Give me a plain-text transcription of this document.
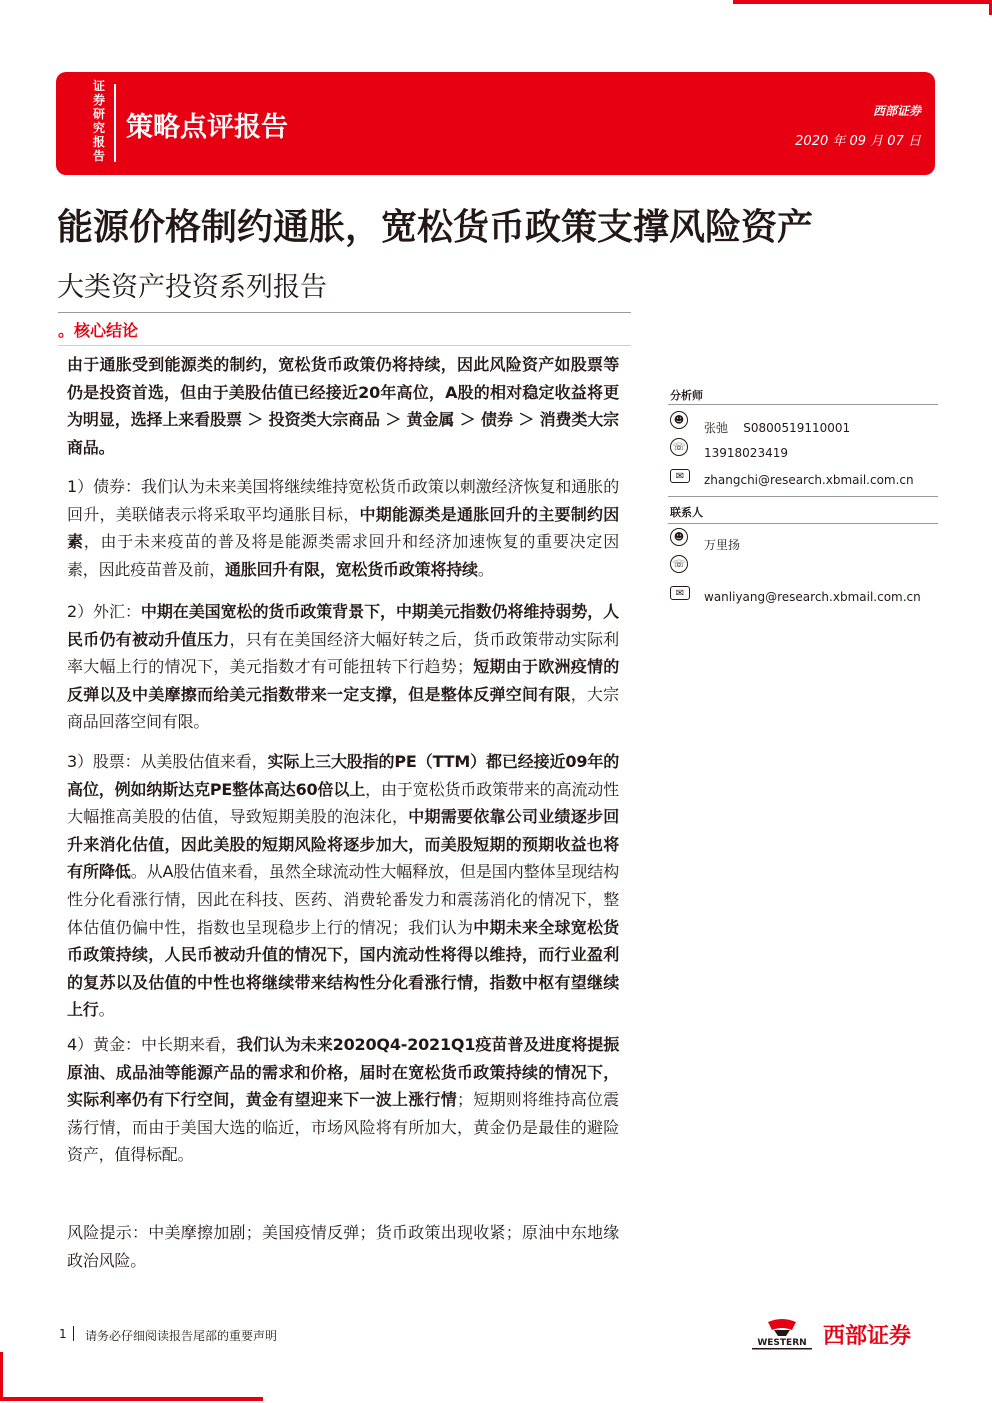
证券研究报告
策略点评报告
西部证券
2020 年 09 月 07 日
能源价格制约通胀，宽松货币政策支撑风险资产
大类资产投资系列报告
。核心结论

由于通胀受到能源类的制约，宽松货币政策仍将持续，因此风险资产如股票等仍是投资首选，但由于美股估值已经接近20年高位，A股的相对稳定收益将更为明显，选择上来看股票 ＞ 投资类大宗商品 ＞ 黄金属 ＞ 债券 ＞ 消费类大宗商品。

1）债券：我们认为未来美国将继续维持宽松货币政策以刺激经济恢复和通胀的回升，美联储表示将采取平均通胀目标，中期能源类是通胀回升的主要制约因素，由于未来疫苗的普及将是能源类需求回升和经济加速恢复的重要决定因素，因此疫苗普及前，通胀回升有限，宽松货币政策将持续。

2）外汇：中期在美国宽松的货币政策背景下，中期美元指数仍将维持弱势，人民币仍有被动升值压力，只有在美国经济大幅好转之后，货币政策带动实际利率大幅上行的情况下，美元指数才有可能扭转下行趋势；短期由于欧洲疫情的反弹以及中美摩擦而给美元指数带来一定支撑，但是整体反弹空间有限，大宗商品回落空间有限。

3）股票：从美股估值来看，实际上三大股指的PE（TTM）都已经接近09年的高位，例如纳斯达克PE整体高达60倍以上，由于宽松货币政策带来的高流动性大幅推高美股的估值，导致短期美股的泡沫化，中期需要依靠公司业绩逐步回升来消化估值，因此美股的短期风险将逐步加大，而美股短期的预期收益也将有所降低。从A股估值来看，虽然全球流动性大幅释放，但是国内整体呈现结构性分化看涨行情，因此在科技、医药、消费轮番发力和震荡消化的情况下，整体估值仍偏中性，指数也呈现稳步上行的情况；我们认为中期未来全球宽松货币政策持续，人民币被动升值的情况下，国内流动性将得以维持，而行业盈利的复苏以及估值的中性也将继续带来结构性分化看涨行情，指数中枢有望继续上行。

4）黄金：中长期来看，我们认为未来2020Q4-2021Q1疫苗普及进度将提振原油、成品油等能源产品的需求和价格，届时在宽松货币政策持续的情况下，实际利率仍有下行空间，黄金有望迎来下一波上涨行情；短期则将维持高位震荡行情，而由于美国大选的临近，市场风险将有所加大，黄金仍是最佳的避险资产，值得标配。

风险提示：中美摩擦加剧；美国疫情反弹；货币政策出现收紧；原油中东地缘政治风险。

分析师
☻
张弛 S0800519110001
☏ 13918023419
✉	zhangchi@research.xbmail.com.cn
联系人
☻
万里扬
☏
✉	wanliyang@research.xbmail.com.cn
1 请务必仔细阅读报告尾部的重要声明	WESTERN 西部证券
